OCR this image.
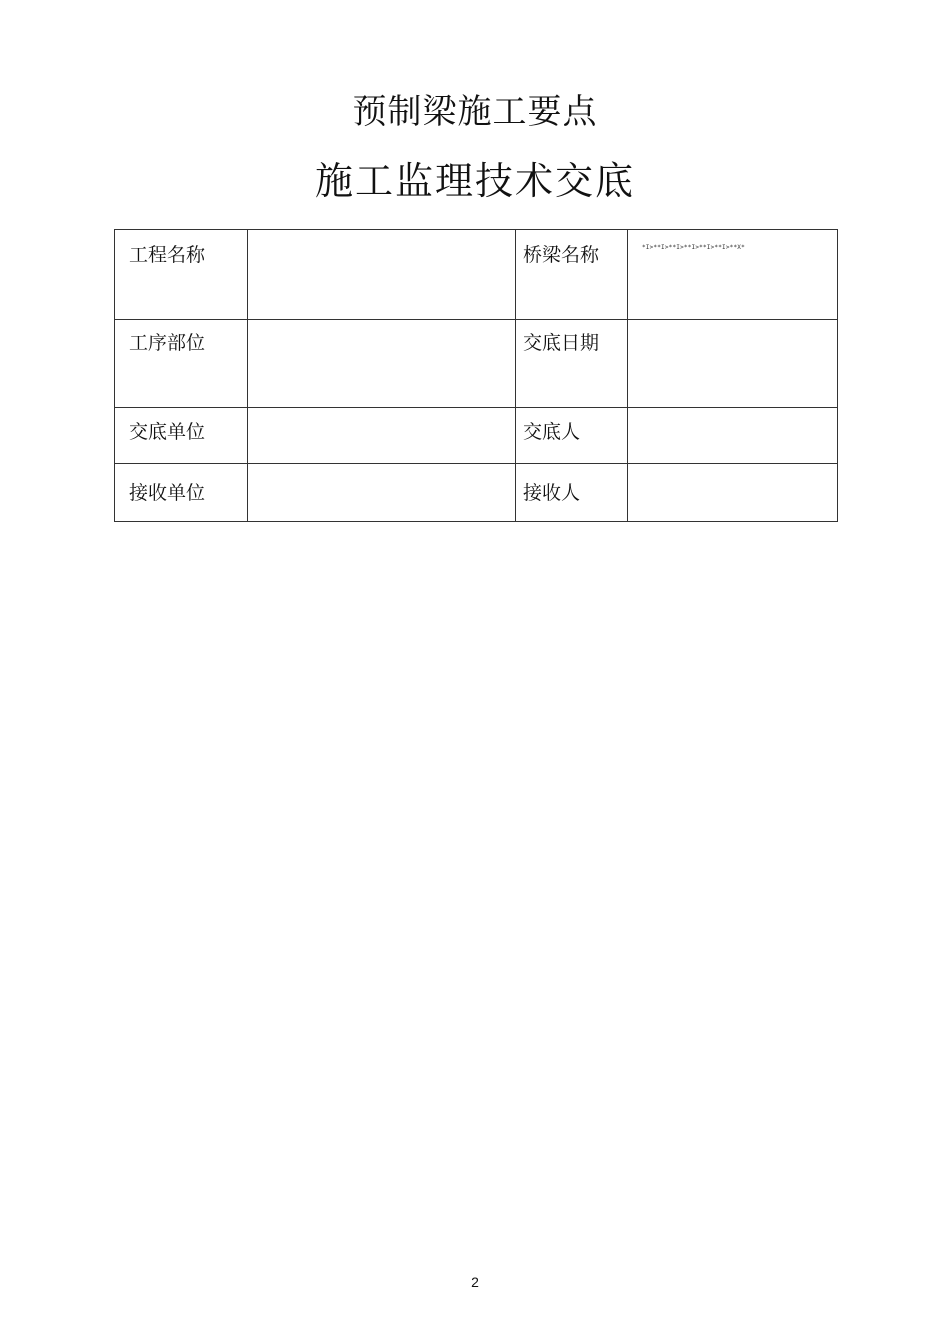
预制梁施工要点
施工监理技术交底
工程名称		桥梁名称	*I>**I>**I>**I>**I>**I>**X*

工序部位		交底日期	

交底单位		交底人	

接收单位		接收人	

2
